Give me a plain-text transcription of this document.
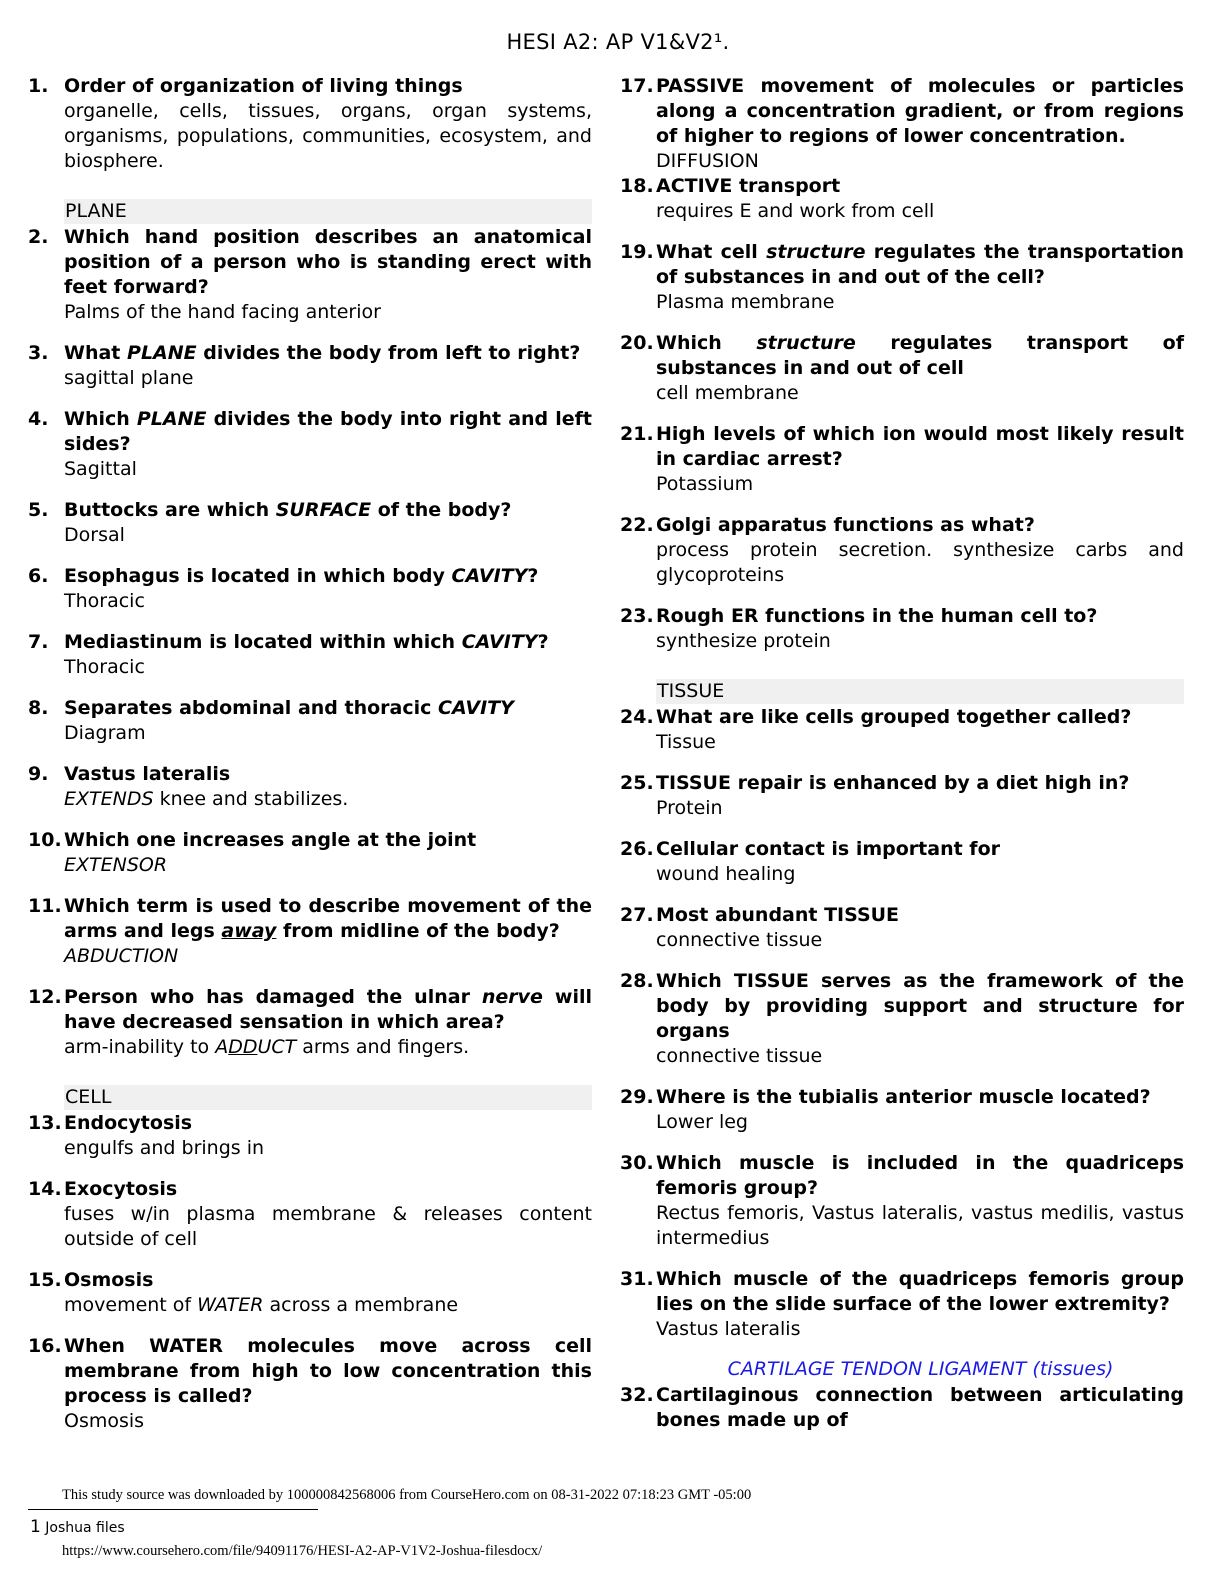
HESI A2: AP V1&V2¹.
1. Order of organization of living things
organelle, cells, tissues, organs, organ systems, organisms, populations, communities, ecosystem, and biosphere.
PLANE
2. Which hand position describes an anatomical position of a person who is standing erect with feet forward?
Palms of the hand facing anterior
3. What PLANE divides the body from left to right?
sagittal plane
4. Which PLANE divides the body into right and left sides?
Sagittal
5. Buttocks are which SURFACE of the body?
Dorsal
6. Esophagus is located in which body CAVITY?
Thoracic
7. Mediastinum is located within which CAVITY?
Thoracic
8. Separates abdominal and thoracic CAVITY
Diagram
9. Vastus lateralis
EXTENDS knee and stabilizes.
10. Which one increases angle at the joint
EXTENSOR
11. Which term is used to describe movement of the arms and legs away from midline of the body?
ABDUCTION
12. Person who has damaged the ulnar nerve will have decreased sensation in which area?
arm-inability to ADDUCT arms and fingers.
CELL
13. Endocytosis
engulfs and brings in
14. Exocytosis
fuses w/in plasma membrane & releases content outside of cell
15. Osmosis
movement of WATER across a membrane
16. When WATER molecules move across cell membrane from high to low concentration this process is called?
Osmosis
17. PASSIVE movement of molecules or particles along a concentration gradient, or from regions of higher to regions of lower concentration.
DIFFUSION
18. ACTIVE transport
requires E and work from cell
19. What cell structure regulates the transportation of substances in and out of the cell?
Plasma membrane
20. Which structure regulates transport of substances in and out of cell
cell membrane
21. High levels of which ion would most likely result in cardiac arrest?
Potassium
22. Golgi apparatus functions as what?
process protein secretion. synthesize carbs and glycoproteins
23. Rough ER functions in the human cell to?
synthesize protein
TISSUE
24. What are like cells grouped together called?
Tissue
25. TISSUE repair is enhanced by a diet high in?
Protein
26. Cellular contact is important for
wound healing
27. Most abundant TISSUE
connective tissue
28. Which TISSUE serves as the framework of the body by providing support and structure for organs
connective tissue
29. Where is the tubialis anterior muscle located?
Lower leg
30. Which muscle is included in the quadriceps femoris group?
Rectus femoris, Vastus lateralis, vastus medilis, vastus intermedius
31. Which muscle of the quadriceps femoris group lies on the slide surface of the lower extremity?
Vastus lateralis
CARTILAGE TENDON LIGAMENT (tissues)
32. Cartilaginous connection between articulating bones made up of
This study source was downloaded by 100000842568006 from CourseHero.com on 08-31-2022 07:18:23 GMT -05:00
1 Joshua files
https://www.coursehero.com/file/94091176/HESI-A2-AP-V1V2-Joshua-filesdocx/
